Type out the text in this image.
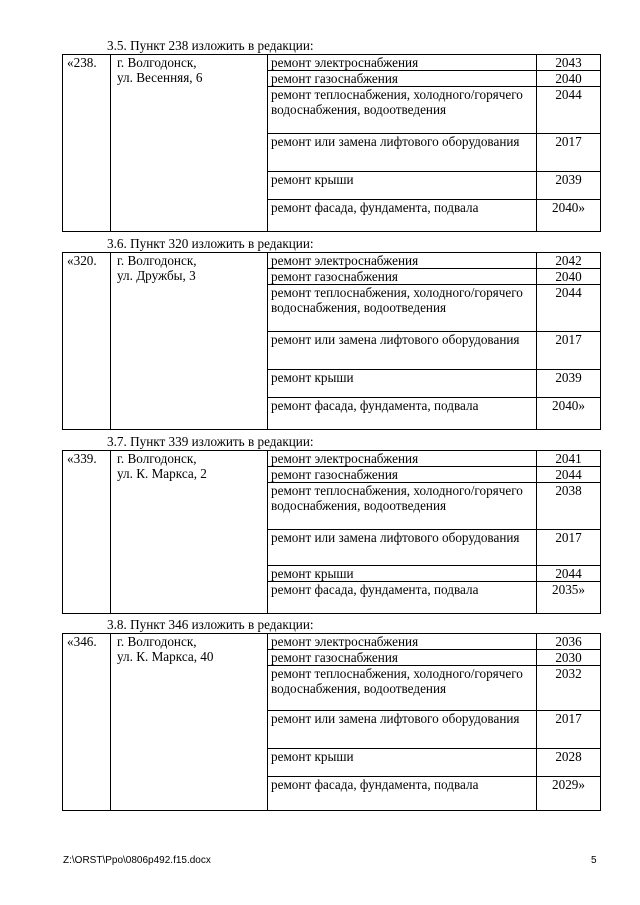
3.5. Пункт 238 изложить в редакции:
«238.	г. Волгодонск,
ул. Весенняя, 6	ремонт электроснабжения	2043
		ремонт газоснабжения	2040
		ремонт теплоснабжения, холодного/горячего водоснабжения, водоотведения	2044
		ремонт или замена лифтового оборудования	2017
		ремонт крыши	2039
		ремонт фасада, фундамента, подвала	2040»
3.6. Пункт 320 изложить в редакции:
«320.	г. Волгодонск,
ул. Дружбы, 3	ремонт электроснабжения	2042
		ремонт газоснабжения	2040
		ремонт теплоснабжения, холодного/горячего водоснабжения, водоотведения	2044
		ремонт или замена лифтового оборудования	2017
		ремонт крыши	2039
		ремонт фасада, фундамента, подвала	2040»
3.7. Пункт 339 изложить в редакции:
«339.	г. Волгодонск,
ул. К. Маркса, 2	ремонт электроснабжения	2041
		ремонт газоснабжения	2044
		ремонт теплоснабжения, холодного/горячего водоснабжения, водоотведения	2038
		ремонт или замена лифтового оборудования	2017
		ремонт крыши	2044
		ремонт фасада, фундамента, подвала	2035»
3.8. Пункт 346 изложить в редакции:
«346.	г. Волгодонск,
ул. К. Маркса, 40	ремонт электроснабжения	2036
		ремонт газоснабжения	2030
		ремонт теплоснабжения, холодного/горячего водоснабжения, водоотведения	2032
		ремонт или замена лифтового оборудования	2017
		ремонт крыши	2028
		ремонт фасада, фундамента, подвала	2029»
Z:\ORST\Ppo\0806p492.f15.docx	5
